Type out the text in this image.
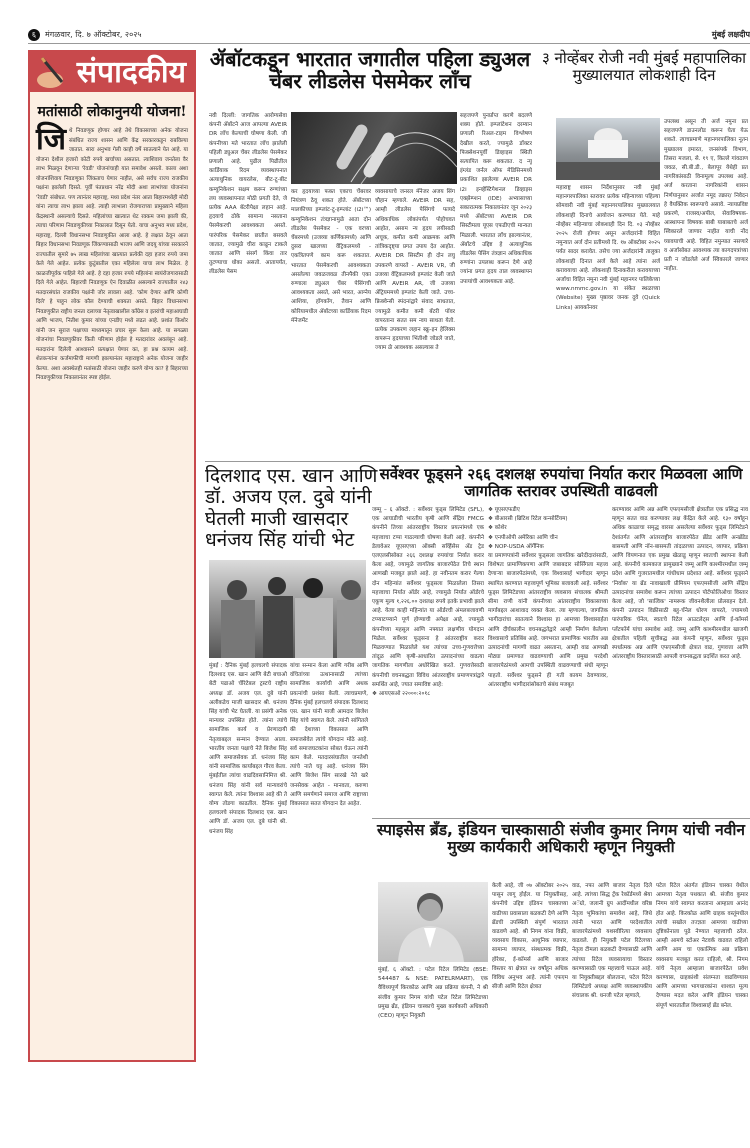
६	मंगळवार, दि. ७ ऑक्टोबर, २०२५	मुंबई लक्षदीप
संपादकीय
मतांसाठी लोकानुनयी योजना!
जि थे निवडणूक होणार आहे तेथे विकासाच्या अनेक योजना संबंधित राज्य शासन आणि केंद्र सरकारकडून राबविल्या जातात. सारा अनुभव गेली काही वर्षे सातत्याने येत आहे. या योजना देशील हजारो कोटी रुपये खर्चाच्या असतात. त्याशिवाय जनतेला वैर लाभ मिळवून देणाऱ्या 'रेवडी' योजनांचाही यात समावेश असतो. काला अशा योजनांशिवाय निवडणुका जिंकताच येणार नाहीत, असे सर्वच राज्य राजकीय पक्षांना झालेली दिसते. पूर्वी पंतप्रधान नरेंद्र मोदी अशा लाभांच्या योजनांना 'रेवडी' संबोधत. पण त्यानंतर महाराष्ट्र, मध्य प्रदेश नंतर आता बिहारमध्येही मोदी यांना त्याचा लाभ झाला आहे. त्याही लाभाला रोजगाराच्या प्रामुख्याने महिला केंद्रस्थानी असल्याचे दिसते. महिलांच्या खात्यात थेट रक्कम जमा झाली की, त्याचा परिणाम निवडणुकीच्या निकालात दिसून येतो. याचा अनुभव मध्य प्रदेश, महाराष्ट्र, दिल्ली विधानसभा निवडणुकीत आला आहे. हे लक्षात ठेवून आता बिहार विधानसभा निवडणूक जिंकण्यासाठी भाजप आणि जदयू यांच्या सरकारने राज्यातील सुमारे ७५ लाख महिलांच्या खात्यात प्रत्येकी दहा हजार रुपये जमा केले गेले आहेत. प्रत्येक कुटुंबातील एका महिलेला याचा लाभ मिळेल. हे काळजीपूर्वक पाहिले गेले आहे. हे दहा हजार रुपये महिलांना स्वयंरोजगारासाठी दिले गेले आहेत. बिहारची निवडणूक ऐन दिवाळीत असल्याने राज्यातील २४३ मतदारसंघांत राजकीय पक्षांनी जोर लावला आहे. 'कोण देणार आणि कोणी दिले' हे पाहून लोक कौल देण्याची शक्यता असते. बिहार विधानसभा निवडणुकीत राष्ट्रीय जनता दलाच्या नेतृत्वाखालील काँग्रेस व इतरांची महाआघाडी आणि भाजप, नितीश कुमार यांच्या एनडीए मध्ये लढत आहे. प्रशांत किशोर यांनी जन सुराज पक्षाच्या माध्यमातून प्रचार सुरू केला आहे. या सगळ्या योजनांचा निवडणुकीवर किती परिणाम होईल हे मतदारांवर अवलंबून आहे. मतदारांना दिलेली आश्वासने प्रत्यक्षात येणार का, हा प्रश्न कायम आहे. शेतकऱ्यांना कर्जमाफीची मागणी झाल्यानंतर महाराष्ट्राने अनेक योजना जाहीर केल्या. अशा अवस्थेतही मतांसाठी योजना जाहीर करणे योग्य का? हे बिहारच्या निवडणुकीच्या निकालानंतर स्पष्ट होईल.
ॲबॉटकडून भारतात जगातील पहिला ड्युअल चेंबर लीडलेस पेसमेकर लाँच
नवी दिल्ली: जागतिक आरोग्यसेवा कंपनी ॲबॉटने आज आपल्या AVEIR DR लाँच केल्याची घोषणा केली. जी कंपनीच्या मते भारतात लाँच झालेली पहिली ड्युअल चेंबर लीडलेस पेसमेकर प्रणाली आहे. पुढील पिढीतील कार्डियाक रिदम व्यवस्थापनात अत्याधुनिक वायरलेस, बीट-टू-बीट कम्युनिकेशन सक्षम करून रुग्णांच्या लय व्यवस्थापनात मोठी प्रगती देते, जे प्रत्येक AAA बॅटरीपेक्षा लहान आहे. हृदयाचे ठोके सामान्य नसताना पेसमेकरची आवश्यकता असते. पारंपरिक पेसमेकर छातीत बसवले जातात, ज्यामुळे चीरा काढून टाकले जातात आणि संसर्ग किंवा तार तुटण्याचा धोका असतो. आतापर्यंत, लीडलेस पेसम
कर हृदयाच्या फक्त एकाच चेंबरवर नियंत्रण ठेवू शकत होते. ॲबॉटच्या मालकीच्या इम्प्लांट-टू-इम्प्लांट (i2i™) कम्युनिकेशन तंत्रज्ञानामुळे आता दोन लीडलेस पेसमेकर - एक वरच्या चेंबरमध्ये (उजव्या कर्णिकामध्ये) आणि दुसरा खालच्या वेंट्रिकलमध्ये - एकत्रितपणे काम करू शकतात. भारतात पेसमेकरची आवश्यकता असलेल्या जवळजवळ तीनपैकी एका रुग्णाला ड्युअल चेंबर पेसिंगची आवश्यकता असते, असे भारत, आग्नेय आशिया, हाँगकाँग, तैवान आणि कोरियामधील ॲबॉटच्या कार्डियाक रिदम मॅनेजमेंट
व्यवसायाचे जनरल मॅनेजर अजय सिंग चौहान म्हणाले. AVEIR DR सह, आम्ही लीडलेस पेसिंगचे फायदे अधिकाधिक लोकांपर्यंत पोहोचवत आहोत, असाम न्य हृदय लयीसाठी अचूक, कमीत कमी आक्रमक आणि तांत्रिकदृष्ट्या प्रगत उपाय देत आहोत. AVEIR DR सिस्टीम ही दोन लघु उपकरणे वापरते - AVEIR VR, जी उजव्या वेंट्रिकलमध्ये इम्प्लांट केली जाते आणि AVEIR AR, जी उजव्या ॲट्रियममध्ये इम्प्लांट केली जाते. उच्च-फ्रिक्वेन्सी स्पंदनांद्वारे संवाद साधतात, ज्यामुळे कमीत कमी बॅटरी पॉवर वापरताना सतत सम न्वय साधता येतो. प्रत्येक उपकरण लहान स्क्रू-इन हेलिक्स वापरून हृदयाच्या भिंतीशी जोडले जाते, ज्याम ळे आवश्यक असल्यास ते
सहजपणे पुनर्प्राप्त करणे बदलणे शक्य होते. इम्प्लांटेशन दरम्यान प्रणाली रिअल-टाइम विश्लेषण देखील करते, ज्यामुळे डॉक्टर फिक्सेशनपूर्वी डिव्हाइस स्थिती सत्यापित करू शकतात. द न्यू इंग्लंड जर्नल ऑफ मेडिसिनमध्ये प्रकाशित झालेल्या AVEIR DR i2i इन्व्हेस्टिगेशनल डिव्हाइस एक्झेम्प्शन (IDE) अभ्यासाच्या सकारात्मक निकालानंतर जून २०२३ मध्ये ॲबॉटच्या AVEIR DR सिस्टीमला यूएस एफडीएची मान्यता मिळाली. भारतात लाँच झाल्यानंतर, ॲबॉटचे उद्दिष्ट हे अत्याधुनिक लीडलेस पेसिंग तंत्रज्ञान अधिकाधिक रुग्णांना उपलब्ध करून देणे आहे ज्यांना प्रगत हृदय ताल व्यवस्थापन उपायांची आवश्यकता आहे.
३ नोव्हेंबर रोजी नवी मुंबई महापालिका मुख्यालयात लोकशाही दिन
महाराष्ट्र शासन निर्देशानुसार नवी मुंबई महानगरपालिका स्तरावर प्रत्येक महिन्याच्या पहिल्या सोमवारी नवी मुंबई महानगरपालिका मुख्यालयात लोकशाही दिनाचे आयोजन करण्यात येते. माहे नोव्हेंबर महिन्याचा लोकशाही दिन दि. ०३ नोव्हेंबर २०२५ रोजी होणार असून अर्जदारांनी विहित नमुन्यात अर्ज दोन प्रतीमध्ये दि. १७ ऑक्टोबर २०२५ पर्यंत सादर करावेत. तसेच ज्या अर्जदारांनी तालुका लोकशाही दिनात अर्ज केले आहे त्यांना अर्ज करावयाचा आहे. लोकशाही दिनाकरीता करावयाच्या अर्जाचा विहित नमुना नवी मुंबई महानगर पालिकेच्या www.nmmc.gov.in या संकेत स्थळाच्या (Website) मुख्य पृष्ठावर जनक दुवे (Quick Links) आयकॉनवर
उपलब्ध असून ती अर्ज नमुना प्रत सहजपणे डाउनलोड करून घेता येऊ शकते. त्याचप्रमाणे महानगरपालिका नूतन मुख्यालय इमारत, जनसंपर्क विभाग, तिसरा मजला, से. १९ ए, किल्ले गांवठाण जवळ, सी.बी.डी., बेलापूर येथेही प्रत नागरिकांसाठी विनामूल्य उपलब्ध आहे. अर्ज करताना नागरिकांनी शासन निर्णयानुसार अर्जात नमूद तक्रार/ निवेदन हे वैयक्तिक स्वरूपाचे असावे. न्यायप्रविष्ट प्रकरणे, राजस्व/अपील, सेवाविषयक-आस्थापना विषयक बाबी याबाबतचे अर्ज स्विकारले जाणार नाहीत याची नोंद घ्यावयाची आहे. विहित नमुन्यात नसणारे व अर्जासोबत आवश्यक त्या कागदपत्रांच्या प्रती न जोडलेले अर्ज स्विकारले जाणार नाहीत.
दिलशाद एस. खान आणि डॉ. अजय एल. दुबे यांनी घेतली माजी खासदार धनंजय सिंह यांची भेट
मुंबई : दैनिक मुंबई हलचलचे संपादक दिलशाद एस. खान आणि बेटी बचाओ बेटी पढाओ चॅरिटेबल ट्रस्टचे राष्ट्रीय अध्यक्ष डॉ. अजय एल. दुबे यांनी अलीकडेच माजी खासदार श्री. धनंजय सिंह यांची भेट घेतली. या प्रसंगी अनेक मान्यवर उपस्थित होते. त्यांना त्यांचे सामाजिक कार्य व प्रेरणादायी नेतृत्वाबद्दल सन्मान देण्यात आला. भारतीय जनता पक्षाचे नेते बिजेश सिंह आणि समाजसेवक डॉ. धनंजय सिंह यांनी सामाजिक कार्याबद्दल गौरव केला. मुंबईतील त्यांचा वाढदिवसानिमित्त श्री. धनंजय सिंह यांनी सर्व मान्यवरांचे स्वागत केले. त्यांना विश्वास आहे की ते योग्य तोडगा काढतील. दैनिक मुंबई हलचलचे संपादक दिलशाद एस. खान आणि डॉ. अजय एल. दुबे यांनी श्री. धनंजय सिंह
यांचा सन्मान केला आणि गरीब आणि वंचितांच्या उत्थानासाठी त्यांच्या सामाजिक कार्याची आणि अथक प्रयत्नांची प्रशंसा केली. त्याचप्रमाणे, दैनिक मुंबई हलचलचे संपादक दिलशाद एस. खान यांनी माजी आमदार बिजेश सिंह यांचे स्वागत केले. त्यांनी सांगितले की देशाच्या विकासात आणि समाजसेवेत त्यांचे योगदान मोठे आहे. सर्व समाजघटकांना सोबत घेऊन त्यांनी काम केले. मतदारसंघातील जनतेशी त्यांचे नाते घट्ट आहे. धनंजय सिंग आणि बिजेश सिंग सारखे नेते खरे जनसेवक आहेत - मानवता, करुणा आणि समर्पणाने समाज आणि राष्ट्राच्या विकासात सतत योगदान देत आहेत.
सर्वेश्वर फूड्सने २६६ दशलक्ष रुपयांचा निर्यात करार मिळवला आणि जागतिक स्तरावर उपस्थिती वाढवली
जम्मू – ६ ऑक्टो. : सर्वेश्वर फूड्स लिमिटेड (SFL), एक आघाडीची भारतीय कृषी आणि सेंद्रिय FMCG कंपनीने तिच्या आंतरराष्ट्रीय विस्तार प्रयत्नांमध्ये एक महत्त्वाचा टप्पा गाठल्याची घोषणा केली आहे. कंपनीने डेलावेअर यूएसएच्या ऑक्सी सर्व्हिसेस अँड ट्रेड एलएलसीसोबत २६६ दशलक्ष रुपयांचा निर्यात करार केला आहे, ज्यामुळे जागतिक बाजारपेठेत तिचे स्थान आणखी मजबूत झाले आहे. हा नवीनतम करार गेल्या दोन महिन्यांत सर्वेश्वर फूड्सला मिळालेला तिसरा महत्त्वाचा निर्यात ऑर्डर आहे, ज्यामुळे निर्यात ऑर्डरचे एकूण मूल्य १,२२६.०० दशलक्ष रुपये इतके प्रभावी झाले आहे. येत्या काही महिन्यांत या ऑर्डरची अंमलबजावणी टप्प्याटप्प्याने पूर्ण होण्याची अपेक्षा आहे, ज्यामुळे कंपनीच्या महसूल आणि नफ्यात लक्षणीय योगदान मिळेल. सर्वेश्वर फूड्सना हे आंतरराष्ट्रीय करार मिळवण्यात मिळालेले यश त्यांच्या उच्च-गुणवत्तेच्या तांदूळ आणि कृषी-आधारित उत्पादनांच्या वाढत्या जागतिक मागणीला अधोरेखित करते. गुणवत्तेसाठी कंपनीची वचनबद्धता विविध आंतरराष्ट्रीय प्रमाणपत्रांद्वारे समर्थित आहे, ज्यात समाविष्ट आहे:
❖ आयएसओ २२०००:२०१८
❖ यूएसएफडीए
❖ बीआरसी (ब्रिटिश रिटेल कन्सोर्टियम)
❖ कोशेर
❖ एनपीओपी अमेरिका आणि चीन
❖ NOP-USDA ऑर्गेनिक
या प्रमाणपत्रांनी सर्वेश्वर फूड्सला जागतिक खरेदीदारांसाठी, विशेषतः प्रामाणिकपणा आणि जबाबदार सोर्सिंगला महत्त्व देणाऱ्या बाजारपेठांमध्ये, एक विश्वासार्ह भागीदार म्हणून स्थापित करण्यात महत्त्वपूर्ण भूमिका बजावली आहे. सर्वेश्वर फूड्स लिमिटेडच्या आंतरराष्ट्रीय व्यवसाय संचालक श्रीमती सीमा राणी यांनी कंपनीच्या आंतरराष्ट्रीय विकासाच्या मार्गाबद्दल आशावाद व्यक्त केला. त्या म्हणाल्या, जागतिक भागीदारांचा सातत्याने विश्वास हा आमच्या विश्वासार्हता आणि दीर्घकालीन वचनबद्धतेद्वारे आम्ही निर्माण केलेल्या विश्वासाचे प्रतिबिंब आहे. जगभरात प्रामाणिक भारतीय अन्न उत्पादनांची मागणी वाढत असताना, आम्ही वाढ आणखी मोठ्या प्रमाणात वाढवण्याची आणि प्रमुख परदेशी बाजारपेठांमध्ये आमची उपस्थिती वाढवण्याची संधी म्हणून पाहतो. सर्वेश्वर फूड्सने ही गती कायम ठेवण्यावर, आंतरराष्ट्रीय भागीदारांसोबतचे संबंध मजबूत
करण्यावर आणि अन्न आणि एफएमसीजी क्षेत्रातील एक प्रसिद्ध नाव म्हणून सतत वाढ करण्यावर लक्ष केंद्रित केले आहे. १३० वर्षांहून अधिक काळाचा समृद्ध वारसा असलेल्या सर्वेश्वर फूड्स लिमिटेडने देशांतर्गत आणि आंतरराष्ट्रीय बाजारपेठेत ब्रँडेड आणि अनब्रँडेड बासमती आणि नॉन-बासमती तांदळाच्या उत्पादन, व्यापार, प्रक्रिया आणि विपणनात एक प्रमुख खेळाडू म्हणून स्वतःची स्थापना केली आहे. कंपनीचे कामकाज प्रामुख्याने जम्मू आणि काश्मीरमधील जम्मू प्रदेश आणि गुजरातमधील गांधीधाम प्रदेशात आहे. सर्वेश्वर फूड्सने 'निर्वाक' या ब्रँड नावाखाली प्रीमियम एफएमसीजी आणि सेंद्रिय उत्पादनांचा समावेश करून त्यांच्या उत्पादन पोर्टफोलिओचा विस्तार केला आहे, जो 'सात्विक' नामरूक जीवनशैलीला प्रोत्साहन देतो. कंपनी उत्पादन विक्रीसाठी बहु-चॅनेल धोरण वापरते, ज्यामध्ये पारंपारिक चॅनेल, स्वतःचे रिटेल आउटलेट्स आणि ई-कॉमर्स प्लॅटफॉर्म यांचा समावेश आहे. जम्मू आणि काश्मीरमधील खाजगी क्षेत्रातील पहिली सूचीबद्ध अन्न कंपनी म्हणून, सर्वेश्वर फूड्स स्पर्धात्मक अन्न आणि एफएमसीजी क्षेत्रात वाढ, गुणवत्ता आणि आंतरराष्ट्रीय विस्तारासाठी आपली वचनबद्धता प्रदर्शित करत आहे.
स्पाइसेस ब्रँड, इंडियन चास्कासाठी संजीव कुमार निगम यांची नवीन मुख्य कार्यकारी अधिकारी म्हणून नियुक्ती
मुंबई, ६ ऑक्टो. : पटेल रिटेल लिमिटेड (BSE: 544487 & NSE: PATELRMART), एक वैविध्यपूर्ण किरकोळ आणि अन्न प्रक्रिया कंपनी, ने श्री संजीव कुमार निगम यांची पटेल रिटेल लिमिटेडच्या प्रमुख ब्रँड, इंडियन चास्काचे मुख्य कार्यकारी अधिकारी (CEO) म्हणून नियुक्ती
केली आहे, जी ०७ ऑक्टोबर २०२५ पासून लागू होईल. या नियुक्तीसह, कंपनीचे उद्दिष्ट इंडियन चास्काच्या वाढीच्या प्रवासाला बळकटी देणे आणि ब्रँडची उपस्थिती संपूर्ण भारतात वाढवणे आहे. श्री निगम यांना विक्री, व्यवसाय विकास, आधुनिक व्यापार, सामान्य व्यापार, संस्थात्मक विक्री, होरेका, ई-कॉमर्स आणि बाजार विस्तार या क्षेत्रात २४ वर्षांहून अधिक विविध अनुभव आहे. त्यांनी एफएम सीजी आणि रिटेल क्षेत्रात
वाढ, नफा आणि बाजार नेतृत्व दिले आहे. त्यांच्या सिद्ध ट्रॅक रेकॉर्डमध्ये श्रेया अॅग्रो, जलानी ग्रुप आदींमधील वरिष्ठ नेतृत्व भूमिकांचा समावेश आहे, जिथे त्यांनी भारत आणि परदेशातील बाजारपेठांमध्ये यशस्वीरित्या व्यवसाय वाढवले. ही नियुक्ती पटेल रिटेलच्या नेतृत्व टीमला बळकटी देण्यासाठी आणि त्यांच्या रिटेल व्यवसायाचा विस्तार करण्यासाठी एक महत्त्वाचे पाऊल आहे. या नियुक्तीबद्दल बोलताना, पटेल रिटेल लिमिटेडचे अध्यक्ष आणि व्यवस्थापकीय संचालक श्री. धनजी पटेल म्हणाले,
पटेल रिटेल अंतर्गत इंडियन चास्का येथील आमच्या नेतृत्व पथकात श्री. संजीव कुमार निगम यांचे स्वागत करताना आम्हाला आनंद होत आहे. किरकोळ आणि ग्राहक वस्तूंमधील त्यांची सखोल तज्ज्ञता आमच्या वाढीच्या दृष्टिकोनाला पुढे नेण्यात महत्त्वाची ठरेल. आम्ही आमचे स्टोअर नेटवर्क वाढवत राहिलो आणि आम चा एकात्मिक अन्न प्रक्रिया व्यवसाय मजबूत करत राहिलो, श्री. निगम यांचे नेतृत्व आम्हाला बाजारपेठेत प्रवेश करण्यास, ग्राहकांशी संलग्नता वाढविण्यास आणि आमच्या भागधारकांना शाश्वत मूल्य देण्यास मदत करेल आणि इंडियन चास्का संपूर्ण भारतातील विश्वासार्ह ब्रँड बनेल.
